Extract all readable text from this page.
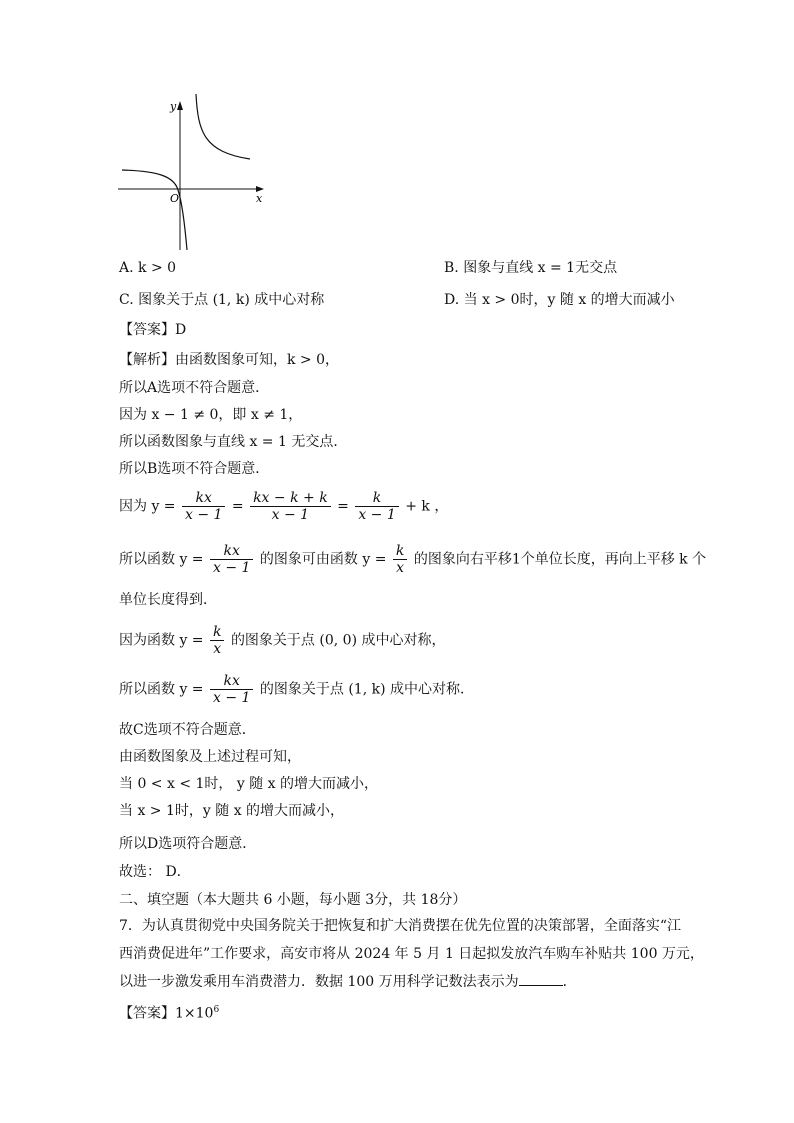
y
x
O
A. k > 0	B. 图象与直线 x = 1无交点
C. 图象关于点 (1, k) 成中心对称	D. 当 x > 0时，y 随 x 的增大而减小
【答案】D
【解析】由函数图象可知，k > 0，
所以A选项不符合题意．
因为 x − 1 ≠ 0，即 x ≠ 1，
所以函数图象与直线 x = 1 无交点．
所以B选项不符合题意．
因为 $y = \frac{kx}{x - 1} = \frac{kx - k + k}{x - 1} = \frac{k}{x - 1} + k$ ，
所以函数 $y = \frac{kx}{x - 1}$ 的图象可由函数 $y = \frac{k}{x}$ 的图象向右平移1个单位长度，再向上平移 k 个
单位长度得到．
因为函数 $y = \frac{k}{x}$ 的图象关于点 (0, 0) 成中心对称，
所以函数 $y = \frac{kx}{x - 1}$ 的图象关于点 (1, k) 成中心对称．
故C选项不符合题意．
由函数图象及上述过程可知，
当 0 < x < 1时， y 随 x 的增大而减小，
当 x > 1时，y 随 x 的增大而减小，
所以D选项符合题意．
故选： D．
二、填空题（本大题共 6 小题，每小题 3分，共 18分）
7．为认真贯彻党中央国务院关于把恢复和扩大消费摆在优先位置的决策部署，全面落实“江
西消费促进年”工作要求，高安市将从 2024 年 5 月 1 日起拟发放汽车购车补贴共 100 万元，
以进一步激发乘用车消费潜力．数据 100 万用科学记数法表示为	．
【答案】$1\times 10^6$
